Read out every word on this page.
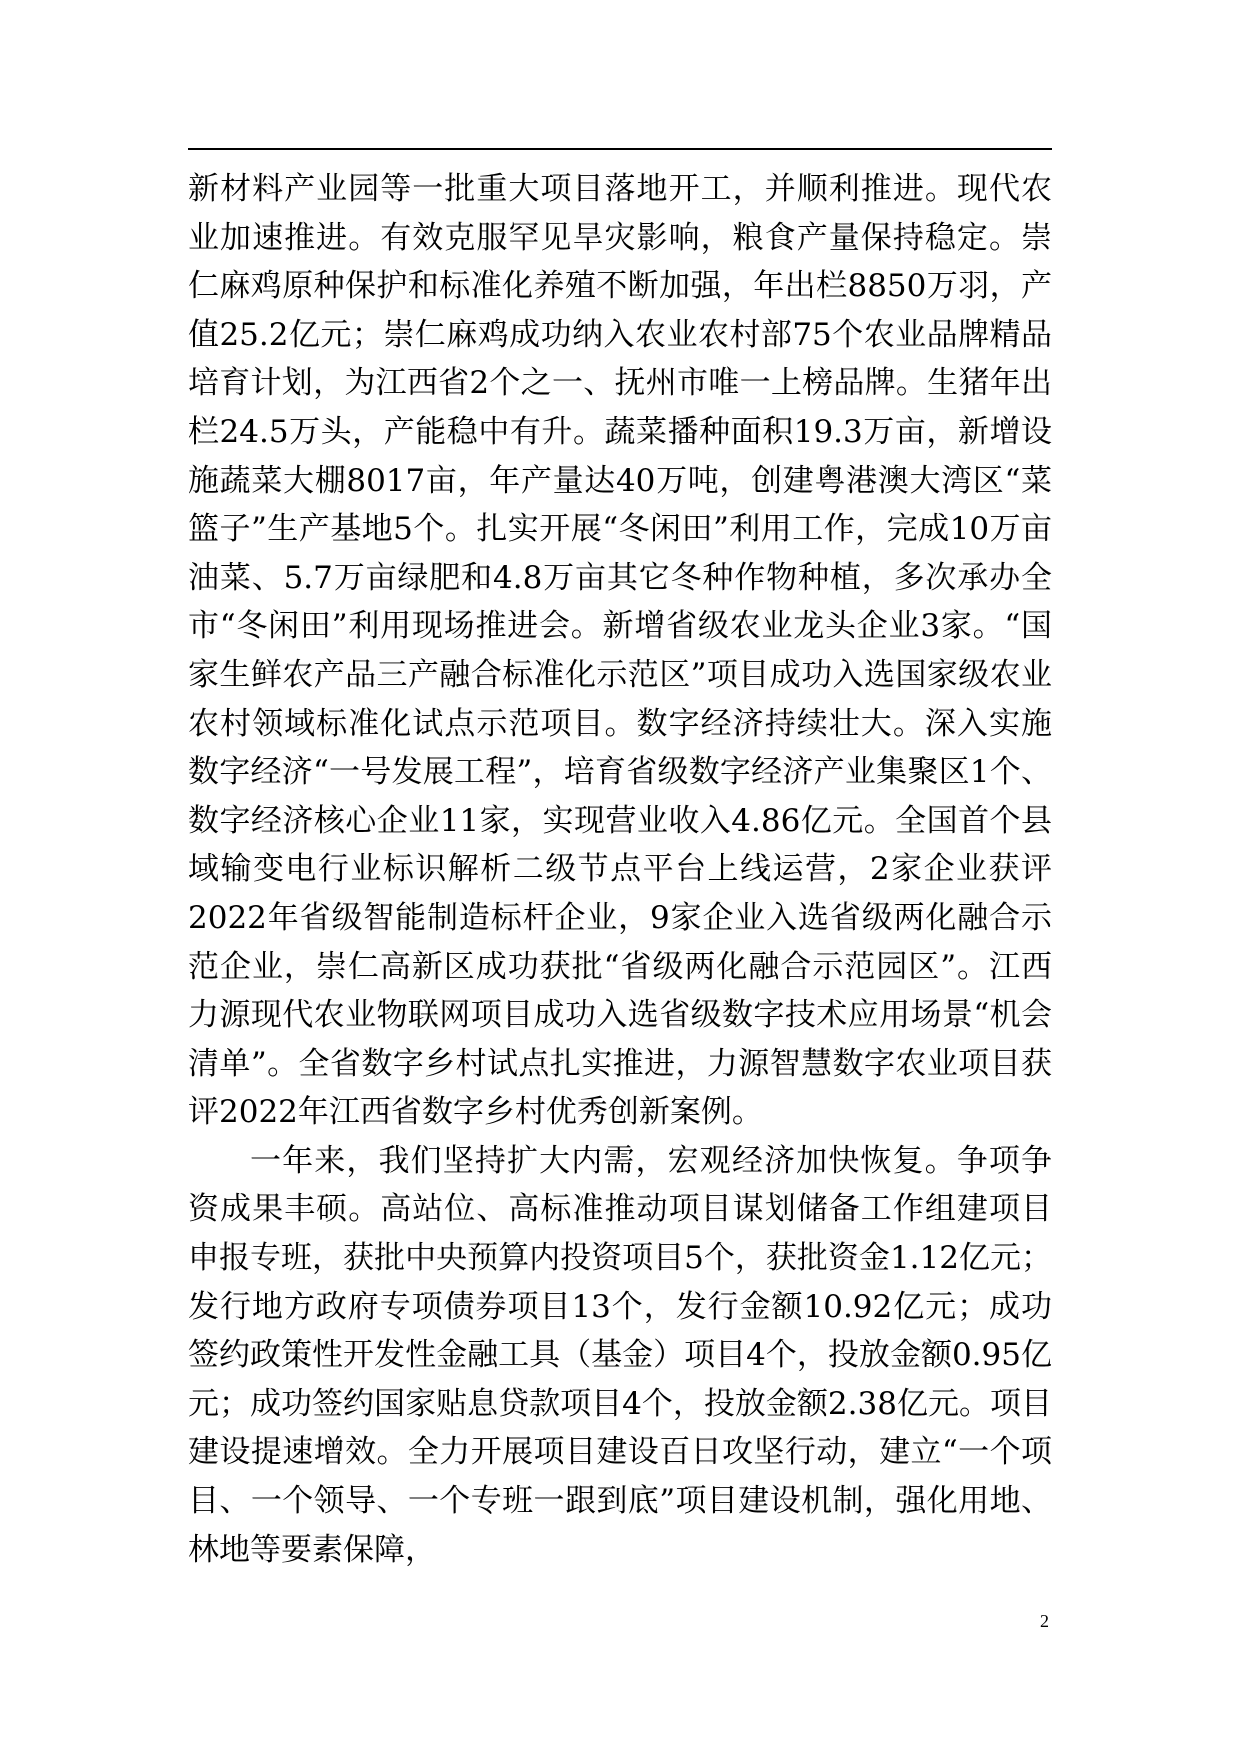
新材料产业园等一批重大项目落地开工，并顺利推进。现代农业加速推进。有效克服罕见旱灾影响，粮食产量保持稳定。崇仁麻鸡原种保护和标准化养殖不断加强，年出栏8850万羽，产值25.2亿元；崇仁麻鸡成功纳入农业农村部75个农业品牌精品培育计划，为江西省2个之一、抚州市唯一上榜品牌。生猪年出栏24.5万头，产能稳中有升。蔬菜播种面积19.3万亩，新增设施蔬菜大棚8017亩，年产量达40万吨，创建粤港澳大湾区“菜篮子”生产基地5个。扎实开展“冬闲田”利用工作，完成10万亩油菜、5.7万亩绿肥和4.8万亩其它冬种作物种植，多次承办全市“冬闲田”利用现场推进会。新增省级农业龙头企业3家。“国家生鲜农产品三产融合标准化示范区”项目成功入选国家级农业农村领域标准化试点示范项目。数字经济持续壮大。深入实施数字经济“一号发展工程”，培育省级数字经济产业集聚区1个、数字经济核心企业11家，实现营业收入4.86亿元。全国首个县域输变电行业标识解析二级节点平台上线运营，2家企业获评2022年省级智能制造标杆企业，9家企业入选省级两化融合示范企业，崇仁高新区成功获批“省级两化融合示范园区”。江西力源现代农业物联网项目成功入选省级数字技术应用场景“机会清单”。全省数字乡村试点扎实推进，力源智慧数字农业项目获评2022年江西省数字乡村优秀创新案例。

一年来，我们坚持扩大内需，宏观经济加快恢复。争项争资成果丰硕。高站位、高标准推动项目谋划储备工作组建项目申报专班，获批中央预算内投资项目5个，获批资金1.12亿元；发行地方政府专项债券项目13个，发行金额10.92亿元；成功签约政策性开发性金融工具（基金）项目4个，投放金额0.95亿元；成功签约国家贴息贷款项目4个，投放金额2.38亿元。项目建设提速增效。全力开展项目建设百日攻坚行动，建立“一个项目、一个领导、一个专班一跟到底”项目建设机制，强化用地、林地等要素保障，

2
